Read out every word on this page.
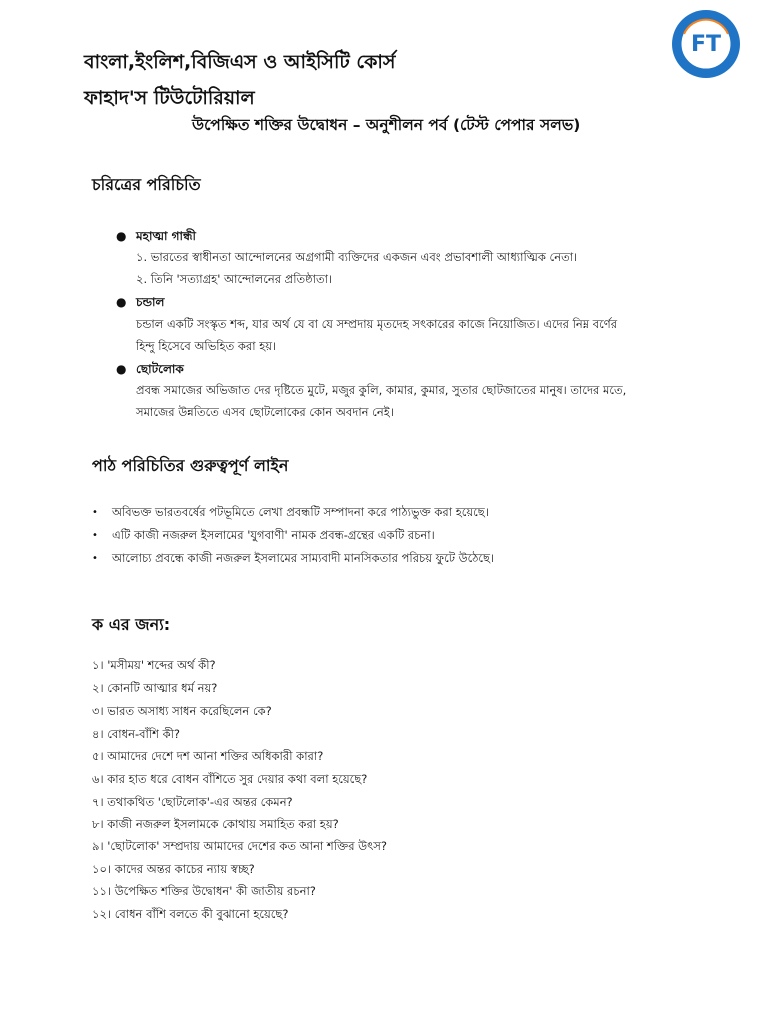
FT
বাংলা,ইংলিশ,বিজিএস ও আইসিটি কোর্স
ফাহাদ'স টিউটোরিয়াল
উপেক্ষিত শক্তির উদ্বোধন – অনুশীলন পর্ব (টেস্ট পেপার সলভ)
চরিত্রের পরিচিতি
● মহাত্মা গান্ধী
১. ভারতের স্বাধীনতা আন্দোলনের অগ্রগামী ব্যক্তিদের একজন এবং প্রভাবশালী আধ্যাত্মিক নেতা।
২. তিনি 'সত্যাগ্রহ' আন্দোলনের প্রতিষ্ঠাতা।
● চন্ডাল
চন্ডাল একটি সংস্কৃত শব্দ, যার অর্থ যে বা যে সম্প্রদায় মৃতদেহ সৎকারের কাজে নিয়োজিত। এদের নিম্ন বর্ণের
হিন্দু হিসেবে অভিহিত করা হয়।
● ছোটলোক
প্রবন্ধ সমাজের অভিজাত দের দৃষ্টিতে মুটে, মজুর কুলি, কামার, কুমার, সুতার ছোটজাতের মানুষ। তাদের মতে,
সমাজের উন্নতিতে এসব ছোটলোকের কোন অবদান নেই।
পাঠ পরিচিতির গুরুত্বপূর্ণ লাইন
• অবিভক্ত ভারতবর্ষের পটভূমিতে লেখা প্রবন্ধটি সম্পাদনা করে পাঠ্যভুক্ত করা হয়েছে।
• এটি কাজী নজরুল ইসলামের 'যুগবাণী' নামক প্রবন্ধ-গ্রন্থের একটি রচনা।
• আলোচ্য প্রবন্ধে কাজী নজরুল ইসলামের সাম্যবাদী মানসিকতার পরিচয় ফুটে উঠেছে।
ক এর জন্য:
১। 'মসীময়' শব্দের অর্থ কী?
২। কোনটি আত্মার ধর্ম নয়?
৩। ভারত অসাধ্য সাধন করেছিলেন কে?
৪। বোধন-বাঁশি কী?
৫। আমাদের দেশে দশ আনা শক্তির অধিকারী কারা?
৬। কার হাত ধরে বোধন বাঁশিতে সুর দেয়ার কথা বলা হয়েছে?
৭। তথাকথিত 'ছোটলোক'-এর অন্তর কেমন?
৮। কাজী নজরুল ইসলামকে কোথায় সমাহিত করা হয়?
৯। 'ছোটলোক' সম্প্রদায় আমাদের দেশের কত আনা শক্তির উৎস?
১০। কাদের অন্তর কাচের ন্যায় স্বচ্ছ?
১১। উপেক্ষিত শক্তির উদ্বোধন' কী জাতীয় রচনা?
১২। বোধন বাঁশি বলতে কী বুঝানো হয়েছে?
